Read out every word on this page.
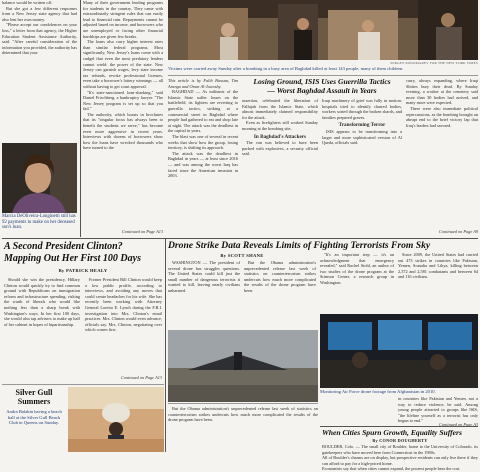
balance would be written off.

But she got a few different responses from a New Jersey state agency that had also lent her own money.

"Please accept our condolences on your loss," a letter from that agency, the Higher Education Student Assistance Authority, said. "After careful consideration of the information you provided, the authority has determined that your

Marcia DeOliveira-Longinetti still has 92 payments to make on her deceased son's loan.

Many of their government lending programs for students in the country. They came with extraordinarily stringent rules that can easily lead to financial ruin. Repayments cannot be adjusted based on income, and borrowers who are unemployed or facing other financial hardships are given few breaks.

The loans also carry higher interest rates than similar federal programs. Most significantly, New Jersey's loans come with a cudgel that even the most predatory lenders cannot wield: the power of the state. New Jersey can garnish wages, levy state income tax refunds, revoke professional licenses, even take a borrower's lottery winnings — all without having to get court approval.

"It's state-sanctioned loan-sharking," said Daniel Frischberg, a bankruptcy lawyer. "The New Jersey program is set up so that you fail."

The authority, which boasts in brochures that its "singular focus has always been to benefit the students we serve," has become even more aggressive in recent years. Interviews with dozens of borrowers show how the loans have wrecked thousands who have turned to the

Continued on Page A13
SERGEY PONOMAREV FOR THE NEW YORK TIMES
Victims were carried away Sunday after a bombing in a busy area of Baghdad killed at least 143 people, many of them children.

This article is by Falih Hassan, Tim Arango and Omar Al-Jawoshy.

BAGHDAD — As militants of the Islamic State suffer losses on the battlefield, its fighters are reverting to guerrilla tactics, striking at a commercial street in Baghdad where people had gathered to eat and shop late at night. The attack was the deadliest in the capital in years.

The blast was one of several in recent weeks that show how the group, losing territory, is shifting its approach.

The attack was the deadliest in Baghdad in years — at least since 2016 — and was among the worst Iraq has faced since the American invasion in 2003.

Losing Ground, ISIS Uses Guerrilla Tactics
— Worst Baghdad Assault in Years

assertion, celebrated the liberation of Fallujah from the Islamic State, which almost immediately claimed responsibility for the attack.

Even as firefighters still worked Sunday morning at the bombing site,

In Baghdad's Attackers

The van was believed to have been packed with explosives, a security official said.

Iraqi machinery of grief was fully in motion: hospitals tried to identify charred bodies, workers sorted through the broken shards, and families prepared graves.

Transforming Terror

ISIS appears to be transforming into a larger and more sophisticated version of Al Qaeda, officials said.

carry, always expanding, where Iraqi Shiites bury their dead. By Sunday evening, a worker at the cemetery said more than 30 bodies had arrived, and many more were expected.

There were also immediate political repercussions, as the bombing brought an abrupt end to the brief victory lap that Iraq's leaders had savored.

Continued on Page A9
A Second President Clinton? Mapping Out Her First 100 Days
By PATRICK HEALY

Should she win the presidency, Hillary Clinton would quickly try to find common ground with Republicans on immigration reform and infrastructure spending, risking the wrath of liberals who would like nothing less than a sharp break with Washington's ways. In her first 100 days, she would also tap advisers to make up half of her cabinet in hopes of bipartisanship.

Former President Bill Clinton would keep a low public profile, according to interviews, and avoiding any moves that could create headaches for his wife. She has recently been working with Attorney General Loretta E. Lynch during the F.B.I. investigation into Mrs. Clinton's email practices. Mrs. Clinton would even advance, officials say. Mrs. Clinton, negotiating over which comes first.

Continued on Page A13
Silver Gull
Summers
Andra Balakin having a beach ball at the Silver Gull Beach Club in Queens on Sunday.
Drone Strike Data Reveals Limits of Fighting Terrorists From Sky
By SCOTT SHANE

WASHINGTON — The president of several drone bas struggles questions. The United States could kill just the small number of dangerous terrorists it wanted to kill, leaving nearly civilians unharmed.

But the Obama administration's unprecedented release last week of statistics on counterterrorism strikes undercuts how much more complicated the results of the drone program have been.

"It's an important step — it's an acknowledgment that emergency revealed," said Rachel Stohl, an author of two studies of the drone program at the Stimson Center, a research group in Washington.

Since 2009, the United States had carried out 473 strikes in countries like Pakistan, Yemen, Somalia and Libya, killing between 2,372 and 2,581 combatants and between 64 and 116 civilians.

Monitoring Air Force drone footage from Afghanistan in 2010.

in countries like Pakistan and Yemen, not a way to reduce violence, he said. Among young people attracted to groups like ISIS, "the lifeline yourself as a terrorist has only begun to end."

Continued on Page A3
When Cities Spurn Growth, Equality Suffers
By CONOR DOUGHERTY

BOULDER, Colo. — The small city of Boulder, home to the University of Colorado, its gatekeepers who have moved here from Connecticut in the 1980s.

All of Boulder's charms are on display, but prospective residents can only live there if they can afford to pay for a high-priced home.

Economists say that when cities cannot expand, the poorest people bear the cost.

But the Obama administration's unprecedented release last week of statistics on counterterrorism strikes undercuts how much more complicated the results of the drone program have been.
